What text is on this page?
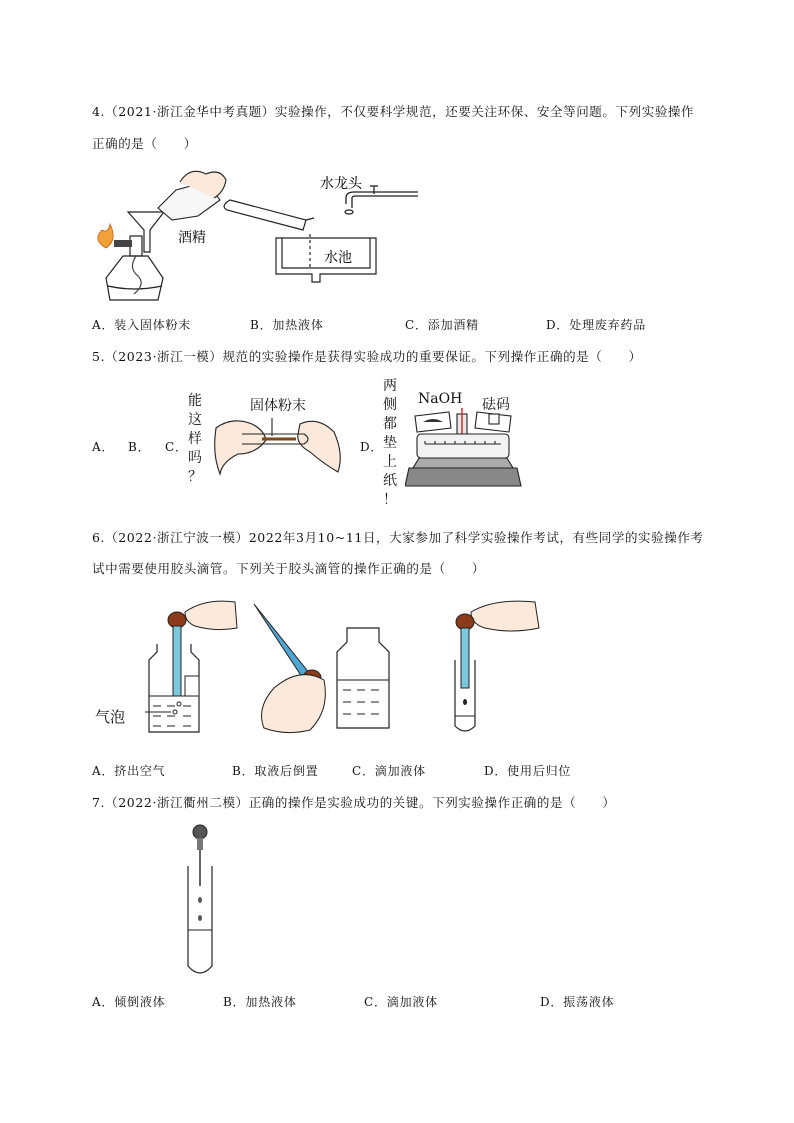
4.（2021·浙江金华中考真题）实验操作，不仅要科学规范，还要关注环保、安全等问题。下列实验操作
正确的是（　　）
酒精
水龙头
水池
A．装入固体粉末	B．加热液体	C．添加酒精	D．处理废弃药品
5.（2023·浙江一模）规范的实验操作是获得实验成功的重要保证。下列操作正确的是（　　）
A． B． C．
能
这
样
吗
？
固体粉末
D．
两
侧
都
垫
上
纸
！
NaOH 砝码
6.（2022·浙江宁波一模）2022年3月10~11日，大家参加了科学实验操作考试，有些同学的实验操作考
试中需要使用胶头滴管。下列关于胶头滴管的操作正确的是（　　）
气泡
A．挤出空气	B．取液后倒置	C．滴加液体	D．使用后归位
7.（2022·浙江衢州二模）正确的操作是实验成功的关键。下列实验操作正确的是（　　）
A．倾倒液体	B．加热液体	C．滴加液体	D．振荡液体
